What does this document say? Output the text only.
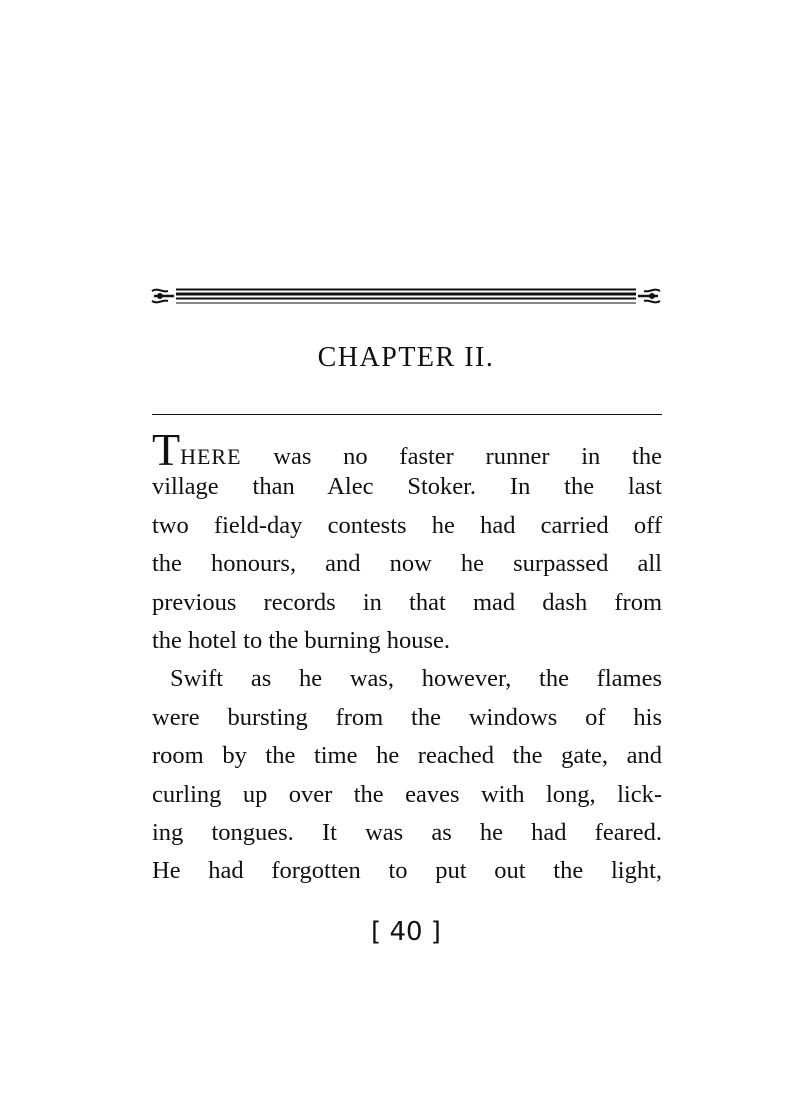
CHAPTER II.
THERE was no faster runner in the
village than Alec Stoker. In the last
two field-day contests he had carried off
the honours, and now he surpassed all
previous records in that mad dash from
the hotel to the burning house.
Swift as he was, however, the flames
were bursting from the windows of his
room by the time he reached the gate, and
curling up over the eaves with long, lick-
ing tongues. It was as he had feared.
He had forgotten to put out the light,
[ 40 ]
